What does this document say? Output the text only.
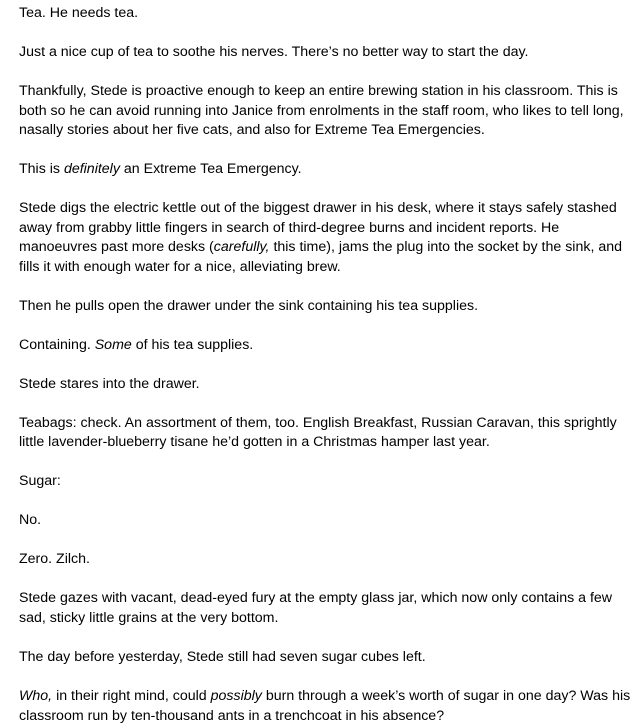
Tea. He needs tea.

Just a nice cup of tea to soothe his nerves. There’s no better way to start the day.

Thankfully, Stede is proactive enough to keep an entire brewing station in his classroom. This is both so he can avoid running into Janice from enrolments in the staff room, who likes to tell long, nasally stories about her five cats, and also for Extreme Tea Emergencies.

This is definitely an Extreme Tea Emergency.

Stede digs the electric kettle out of the biggest drawer in his desk, where it stays safely stashed away from grabby little fingers in search of third-degree burns and incident reports. He manoeuvres past more desks (carefully, this time), jams the plug into the socket by the sink, and fills it with enough water for a nice, alleviating brew.

Then he pulls open the drawer under the sink containing his tea supplies.

Containing. Some of his tea supplies.

Stede stares into the drawer.

Teabags: check. An assortment of them, too. English Breakfast, Russian Caravan, this sprightly little lavender-blueberry tisane he’d gotten in a Christmas hamper last year.

Sugar:

No.

Zero. Zilch.

Stede gazes with vacant, dead-eyed fury at the empty glass jar, which now only contains a few sad, sticky little grains at the very bottom.

The day before yesterday, Stede still had seven sugar cubes left.

Who, in their right mind, could possibly burn through a week’s worth of sugar in one day? Was his classroom run by ten-thousand ants in a trenchcoat in his absence?
